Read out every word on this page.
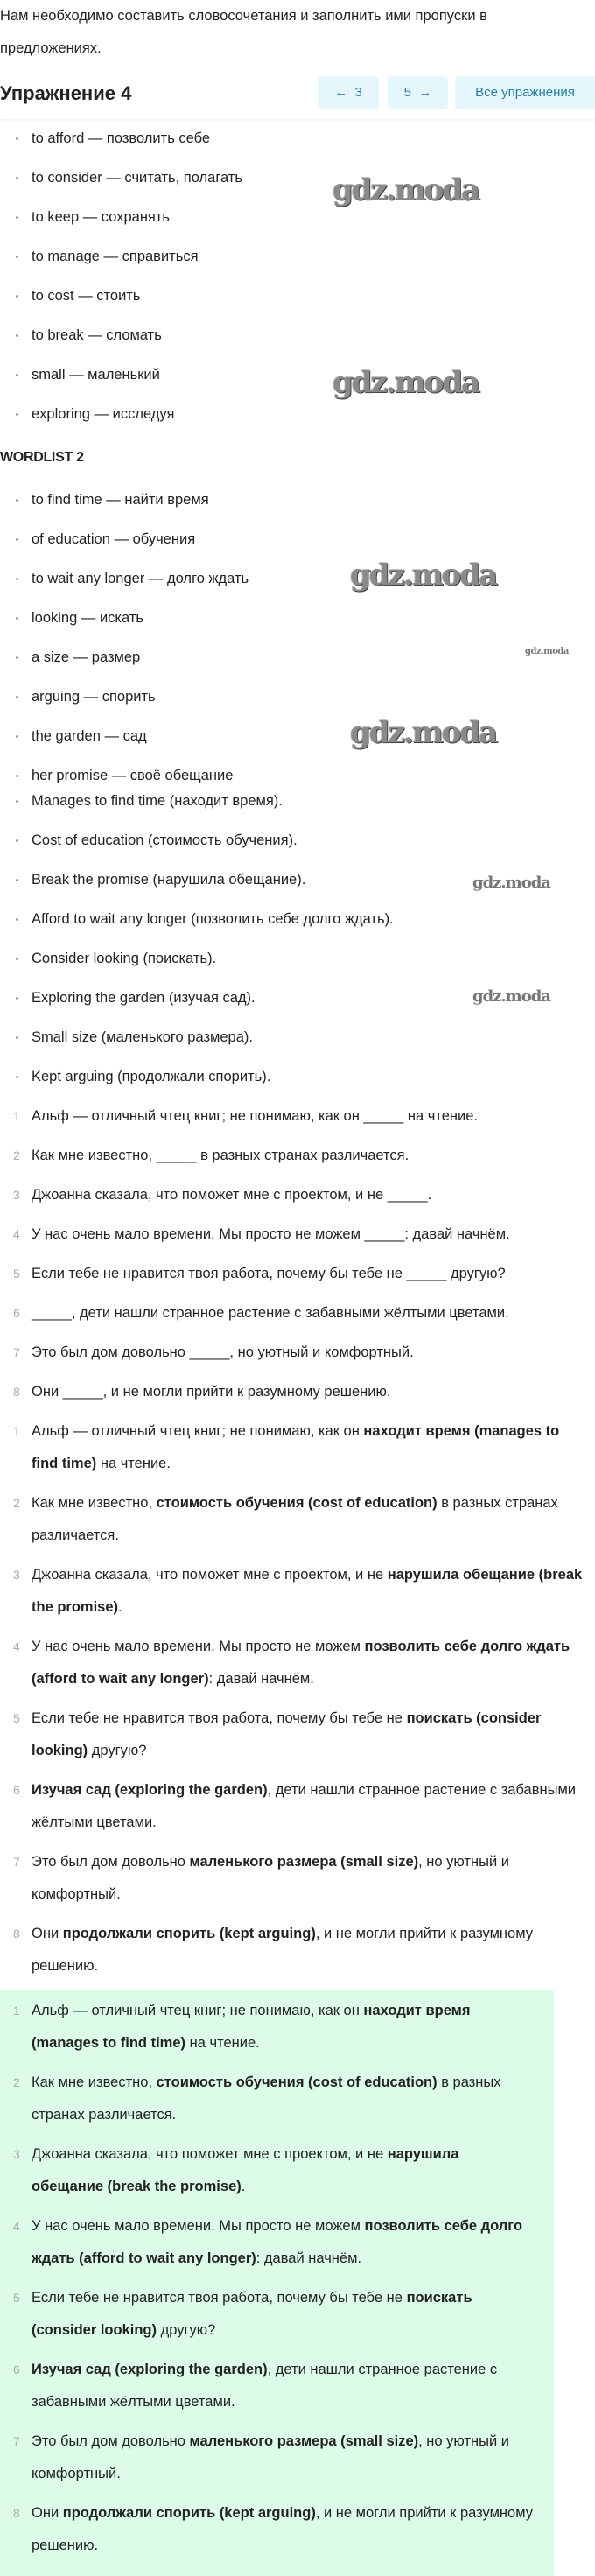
Нам необходимо составить словосочетания и заполнить ими пропуски в предложениях.

Упражнение 4	← 3	5 →	Все упражнения
to afford — позволить себе
to consider — считать, полагать
to keep — сохранять
to manage — справиться
to cost — стоить
to break — сломать
small — маленький
exploring — исследуя
WORDLIST 2
to find time — найти время
of education — обучения
to wait any longer — долго ждать
looking — искать
a size — размер
arguing — спорить
the garden — сад
her promise — своё обещание
Manages to find time (находит время).
Cost of education (стоимость обучения).
Break the promise (нарушила обещание).
Afford to wait any longer (позволить себе долго ждать).
Consider looking (поискать).
Exploring the garden (изучая сад).
Small size (маленького размера).
Kept arguing (продолжали спорить).
1 Альф — отличный чтец книг; не понимаю, как он _____ на чтение.
2 Как мне известно, _____ в разных странах различается.
3 Джоанна сказала, что поможет мне с проектом, и не _____.
4 У нас очень мало времени. Мы просто не можем _____: давай начнём.
5 Если тебе не нравится твоя работа, почему бы тебе не _____ другую?
6 _____, дети нашли странное растение с забавными жёлтыми цветами.
7 Это был дом довольно _____, но уютный и комфортный.
8 Они _____, и не могли прийти к разумному решению.
1 Альф — отличный чтец книг; не понимаю, как он находит время (manages to find time) на чтение.
2 Как мне известно, стоимость обучения (cost of education) в разных странах различается.
3 Джоанна сказала, что поможет мне с проектом, и не нарушила обещание (break the promise).
4 У нас очень мало времени. Мы просто не можем позволить себе долго ждать (afford to wait any longer): давай начнём.
5 Если тебе не нравится твоя работа, почему бы тебе не поискать (consider looking) другую?
6 Изучая сад (exploring the garden), дети нашли странное растение с забавными жёлтыми цветами.
7 Это был дом довольно маленького размера (small size), но уютный и комфортный.
8 Они продолжали спорить (kept arguing), и не могли прийти к разумному решению.
1 Альф — отличный чтец книг; не понимаю, как он находит время (manages to find time) на чтение.
2 Как мне известно, стоимость обучения (cost of education) в разных странах различается.
3 Джоанна сказала, что поможет мне с проектом, и не нарушила обещание (break the promise).
4 У нас очень мало времени. Мы просто не можем позволить себе долго ждать (afford to wait any longer): давай начнём.
5 Если тебе не нравится твоя работа, почему бы тебе не поискать (consider looking) другую?
6 Изучая сад (exploring the garden), дети нашли странное растение с забавными жёлтыми цветами.
7 Это был дом довольно маленького размера (small size), но уютный и комфортный.
8 Они продолжали спорить (kept arguing), и не могли прийти к разумному решению.
gdz.moda
gdz.moda
gdz.moda
gdz.moda
gdz.moda
gdz.moda
gdz.moda
